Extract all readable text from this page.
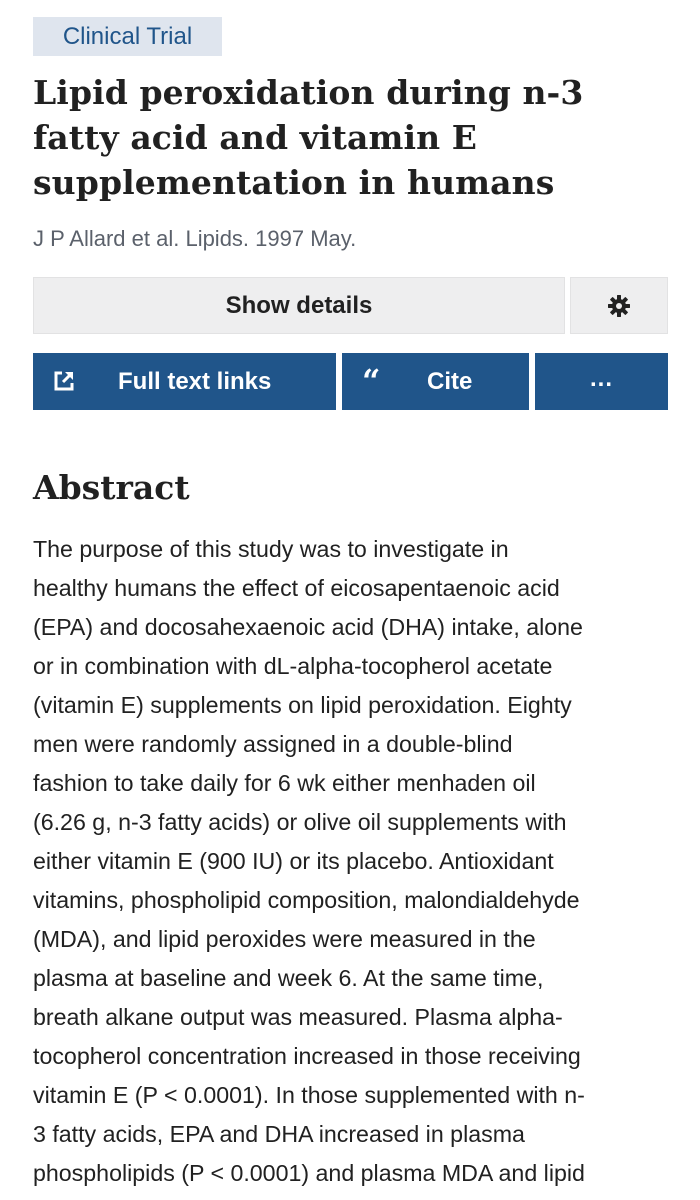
Clinical Trial
Lipid peroxidation during n-3 fatty acid and vitamin E supplementation in humans
J P Allard et al. Lipids. 1997 May.
Show details
Full text links	“ Cite	...
Abstract
The purpose of this study was to investigate in
healthy humans the effect of eicosapentaenoic acid
(EPA) and docosahexaenoic acid (DHA) intake, alone
or in combination with dL-alpha-tocopherol acetate
(vitamin E) supplements on lipid peroxidation. Eighty
men were randomly assigned in a double-blind
fashion to take daily for 6 wk either menhaden oil
(6.26 g, n-3 fatty acids) or olive oil supplements with
either vitamin E (900 IU) or its placebo. Antioxidant
vitamins, phospholipid composition, malondialdehyde
(MDA), and lipid peroxides were measured in the
plasma at baseline and week 6. At the same time,
breath alkane output was measured. Plasma alpha-
tocopherol concentration increased in those receiving
vitamin E (P < 0.0001). In those supplemented with n-
3 fatty acids, EPA and DHA increased in plasma
phospholipids (P < 0.0001) and plasma MDA and lipid
